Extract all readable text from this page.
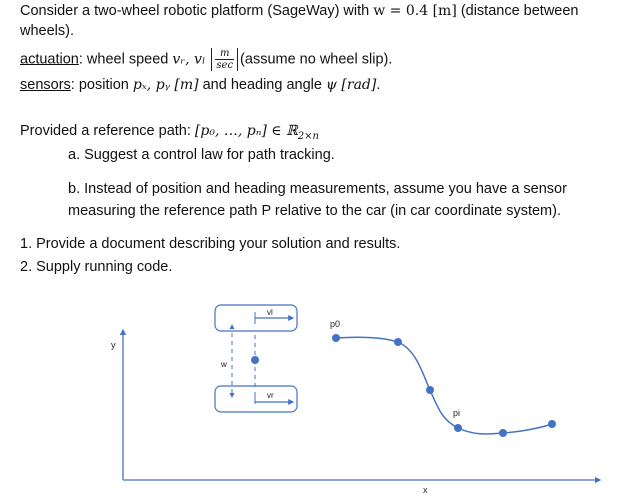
Consider a two-wheel robotic platform (SageWay) with w = 0.4 [m] (distance between
wheels).
actuation: wheel speed vᵣ, vₗ $\frac{m}{\sec}$ (assume no wheel slip).
sensors: position pₓ, pᵧ [m] and heading angle ψ [rad].
Provided a reference path: [p₀, …, pₙ] ∈ ℝ$_{2\times n}$
a. Suggest a control law for path tracking.
b. Instead of position and heading measurements, assume you have a sensor
measuring the reference path P relative to the car (in car coordinate system).
1. Provide a document describing your solution and results.
2. Supply running code.
y
x
vl
vr
w
p0
pi
